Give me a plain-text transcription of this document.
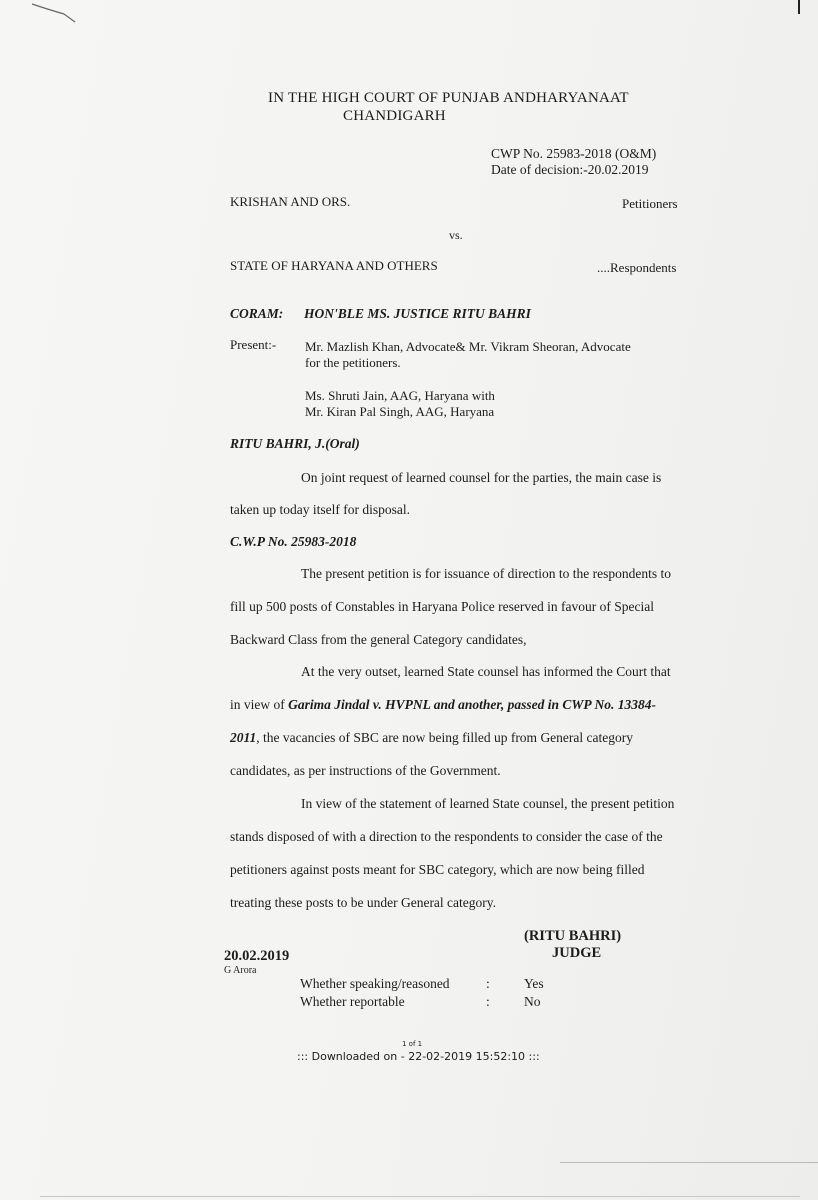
IN THE HIGH COURT OF PUNJAB ANDHARYANAAT
CHANDIGARH
CWP No. 25983-2018 (O&M)
Date of decision:-20.02.2019
KRISHAN AND ORS.	Petitioners
vs.
STATE OF HARYANA AND OTHERS	....Respondents
CORAM: HON'BLE MS. JUSTICE RITU BAHRI
Present:- Mr. Mazlish Khan, Advocate& Mr. Vikram Sheoran, Advocate
for the petitioners.
Ms. Shruti Jain, AAG, Haryana with
Mr. Kiran Pal Singh, AAG, Haryana
RITU BAHRI, J.(Oral)
On joint request of learned counsel for the parties, the main case is
taken up today itself for disposal.
C.W.P No. 25983-2018
The present petition is for issuance of direction to the respondents to
fill up 500 posts of Constables in Haryana Police reserved in favour of Special
Backward Class from the general Category candidates,
At the very outset, learned State counsel has informed the Court that
in view of Garima Jindal v. HVPNL and another, passed in CWP No. 13384-
2011, the vacancies of SBC are now being filled up from General category
candidates, as per instructions of the Government.
In view of the statement of learned State counsel, the present petition
stands disposed of with a direction to the respondents to consider the case of the
petitioners against posts meant for SBC category, which are now being filled
treating these posts to be under General category.
(RITU BAHRI)
JUDGE
20.02.2019
G Arora
Whether speaking/reasoned	:	Yes
Whether reportable	:	No
1 of 1
::: Downloaded on - 22-02-2019 15:52:10 :::
